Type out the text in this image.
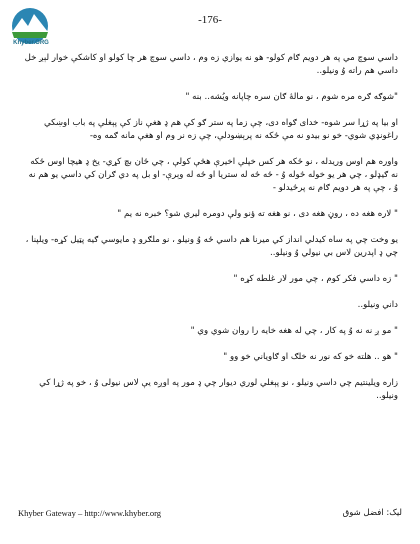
-176-
Khyber.ORG

داسي سوچ مي په هر دويم ګام کولو- هو نه يوازي زه وم ، داسي سوچ هر چا کولو او کاشکې خوار لېږ خل داسي هم راته وُ ونيلو..

"شوګه ګره مره شوم ، نو مالهٔ ګان سره چاپانه ويُشه.. بنه "

او بيا په ژړا سر شوه- خداى ګواه دی، چې زما په ستر ګو کې هم ډ هغې ناز کې پېغلې په باب اوښکي راغونډي شوي- خو نو بيدو نه مې ځکه نه پرېښودلې، چې زه نر وم او هغې مانه ګمه وه-

واوره هم اوس وريدله ، نو ځکه هر کس خپلې اخيرې هڅې کولې ، چي ځان بچ کړي- يخ ډ هيچا اوس ځکه نه ګيډلو ، چي هر يو خوله ځوله وُ - ځه ځه له ستريا او ځه له وېرې- او بل په دي ګران کي داسي يو هم نه وُ ، چې په هر دويم ګام نه پرځيدلو -

" لاره هغه ده ، روڼ هغه دی ، نو هغه ته ؤنو ولې دومره ليري شو؟ خبره نه يم "

يو وخت چي په ساه کيدلي انداز کي ميرنا هم داسي ځه وُ ونيلو ، نو ملګرو ډ مايوسي ګيه پټيل کړه- ويلپنا ، چي ډ اپدرين لاس بي نيولي وُ ونيلو..

" زه داسي فکر کوم ، چي مور لار غلطه کړه "

داني ونيلو..

" مو ږ نه نه وُ په کار ، چي له هغه خايه را روان شوي وي "

" هو .. هلته خو که نور نه خلګ او ګاوياني خو وو "

زاره ويلينتيم چي داسي ونيلو ، نو پېغلي لوري ديوار چي ډ مور په اوږه يې لاس نيولی وُ ، خو په ژړا کي ونيلو..

Khyber Gateway – http://www.khyber.org	ليک: افضل شوق
